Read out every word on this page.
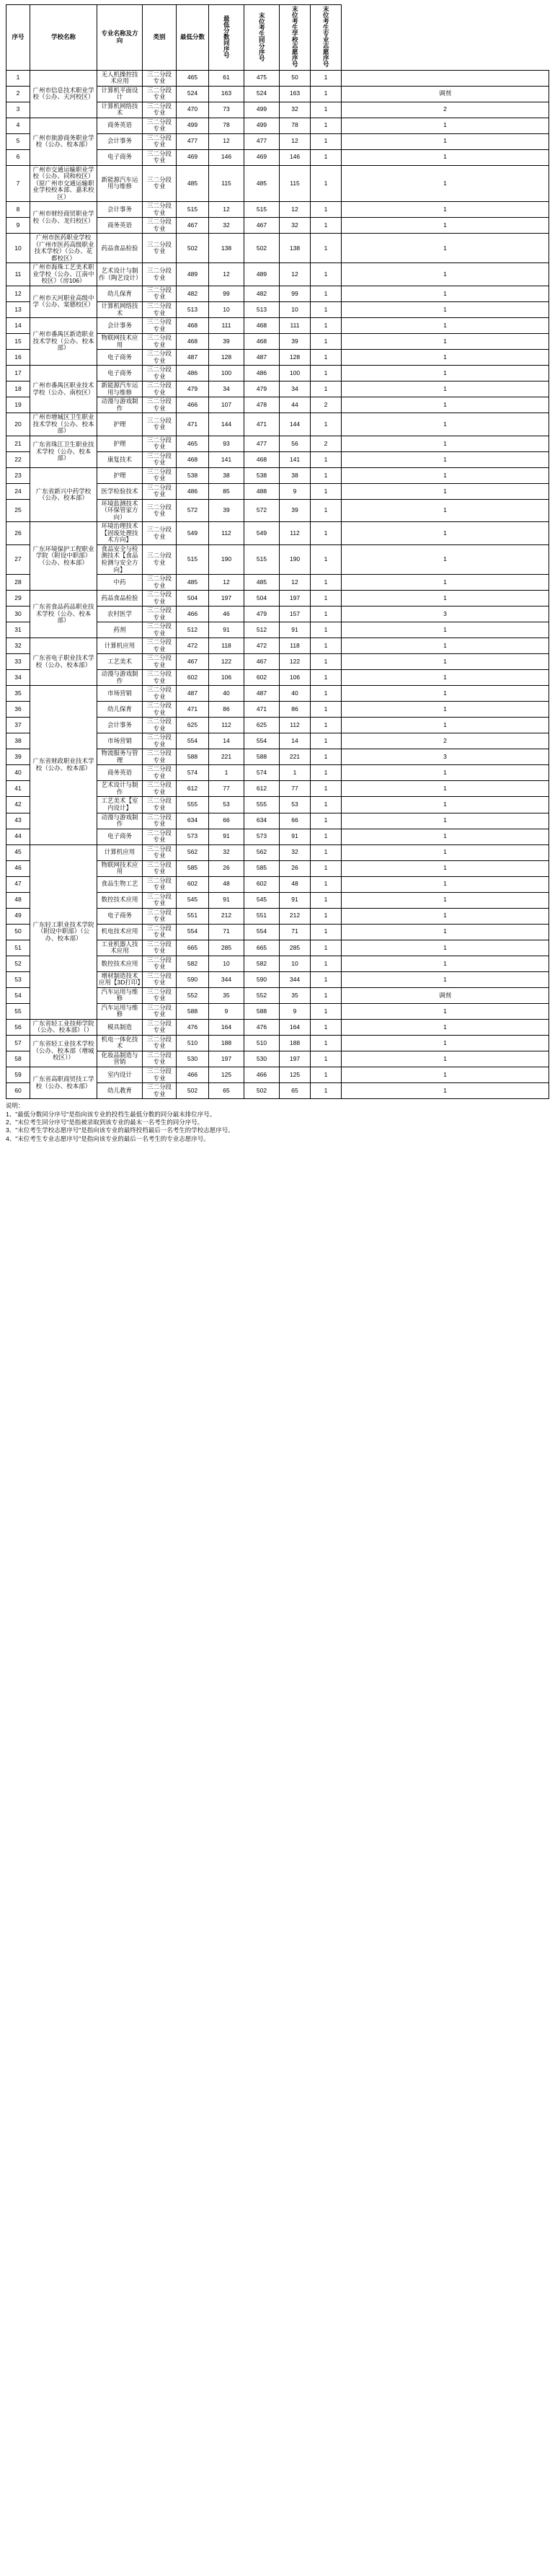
序号	学校名称	专业名称及方向	类别	最低分数	最低分数同序号	末位考生同分序号	末位考生学校志愿序号	末位考生专业志愿序号	
1	广州市信息技术职业学校（公办、天河校区）	无人机操控技术应用	三二分段专业	465	61	475	50	1	
2		计算机平面设计	三二分段专业	524	163	524	163	1	调剂
3		计算机网络技术	三二分段专业	470	73	499	32	1	2
4	广州市旅游商务职业学校（公办、校本部）	商务英语	三二分段专业	499	78	499	78	1	1
5		会计事务	三二分段专业	477	12	477	12	1	1
6		电子商务	三二分段专业	469	146	469	146	1	1
7	广州市交通运输职业学校（公办、同和校区）（原广州市交通运输职业学校校本部、嘉禾校区）	新能源汽车运用与维修	三二分段专业	485	115	485	115	1	1
8	广州市财经商贸职业学校（公办、龙归校区）	会计事务	三二分段专业	515	12	515	12	1	1
9		商务英语	三二分段专业	467	32	467	32	1	1
10	广州市医药职业学校（广州市医药高级职业技术学校）（公办、花都校区）	药品食品检验	三二分段专业	502	138	502	138	1	1
11	广州市海珠工艺美术职业学校（公办、江南中校区）（房106）	艺术设计与制作（陶艺设计）	三二分段专业	489	12	489	12	1	1
12	广州市天河职业高级中学（公办、棠德校区）	幼儿保育	三二分段专业	482	99	482	99	1	1
13		计算机网络技术	三二分段专业	513	10	513	10	1	1
14	广州市番禺区新造职业技术学校（公办、校本部）	会计事务	三二分段专业	468	111	468	111	1	1
15		物联网技术应用	三二分段专业	468	39	468	39	1	1
16		电子商务	三二分段专业	487	128	487	128	1	1
17	广州市番禺区职业技术学校（公办、南校区）	电子商务	三二分段专业	486	100	486	100	1	1
18		新能源汽车运用与维修	三二分段专业	479	34	479	34	1	1
19		动漫与游戏制作	三二分段专业	466	107	478	44	2	1
20	广州市增城区卫生职业技术学校（公办、校本部）	护理	三二分段专业	471	144	471	144	1	1
21	广东省珠江卫生职业技术学校（公办、校本部）	护理	三二分段专业	465	93	477	56	2	1
22		康复技术	三二分段专业	468	141	468	141	1	1
23	广东省新兴中药学校（公办、校本部）	护理	三二分段专业	538	38	538	38	1	1
24		医学检验技术	三二分段专业	486	85	488	9	1	1
25		环境监测技术（环保管家方向）	三二分段专业	572	39	572	39	1	1
26	广东环境保护工程职业学院（附设中职部）（公办、校本部）	环境治理技术【固废处理技术方向】	三二分段专业	549	112	549	112	1	1
27		食品安全与检测技术【食品检测与安全方向】	三二分段专业	515	190	515	190	1	1
28		中药	三二分段专业	485	12	485	12	1	1
29	广东省食品药品职业技术学校（公办、校本部）	药品食品检验	三二分段专业	504	197	504	197	1	1
30		农村医学	三二分段专业	466	46	479	157	1	3
31		药剂	三二分段专业	512	91	512	91	1	1
32	广东省电子职业技术学校（公办、校本部）	计算机应用	三二分段专业	472	118	472	118	1	1
33		工艺美术	三二分段专业	467	122	467	122	1	1
34		动漫与游戏制作	三二分段专业	602	106	602	106	1	1
35	广东省财政职业技术学校（公办、校本部）	市场营销	三二分段专业	487	40	487	40	1	1
36		幼儿保育	三二分段专业	471	86	471	86	1	1
37		会计事务	三二分段专业	625	112	625	112	1	1
38		市场营销	三二分段专业	554	14	554	14	1	2
39		物流服务与管理	三二分段专业	588	221	588	221	1	3
40		商务英语	三二分段专业	574	1	574	1	1	1
41		艺术设计与制作	三二分段专业	612	77	612	77	1	1
42		工艺美术【室内设计】	三二分段专业	555	53	555	53	1	1
43		动漫与游戏制作	三二分段专业	634	66	634	66	1	1
44		电子商务	三二分段专业	573	91	573	91	1	1
45	广东轻工职业技术学院（附设中职部）（公办、校本部）	计算机应用	三二分段专业	562	32	562	32	1	1
46		物联网技术应用	三二分段专业	585	26	585	26	1	1
47		食品生物工艺	三二分段专业	602	48	602	48	1	1
48		数控技术应用	三二分段专业	545	91	545	91	1	1
49		电子商务	三二分段专业	551	212	551	212	1	1
50		机电技术应用	三二分段专业	554	71	554	71	1	1
51		工业机器人技术应用	三二分段专业	665	285	665	285	1	1
52		数控技术应用	三二分段专业	582	10	582	10	1	1
53		增材制造技术应用【3D打印】	三二分段专业	590	344	590	344	1	1
54		汽车运用与维修	三二分段专业	552	35	552	35	1	调剂
55		汽车运用与维修	三二分段专业	588	9	588	9	1	1
56	广东省轻工业技师学院（公办、校本部）（）	模具制造	三二分段专业	476	164	476	164	1	1
57	广东省轻工业技术学校（公办、校本部（增城校区））	机电一体化技术	三二分段专业	510	188	510	188	1	1
58		化妆品制造与营销	三二分段专业	530	197	530	197	1	1
59	广东省高职商贸技工学校（公办、校本部）	室内设计	三二分段专业	466	125	466	125	1	1
60		幼儿教育	三二分段专业	502	65	502	65	1	1
说明：
1、"最低分数同分序号"是指向该专业的投档生最低分数的同分最末排位序号。
2、"末位考生同分序号"是指被录取到该专业的最末一名考生的同分序号。
3、"末位考生学校志愿序号"是指向该专业的最终投档最后一名考生的学校志愿序号。
4、"末位考生专业志愿序号"是指向该专业的最后一名考生的专业志愿序号。
